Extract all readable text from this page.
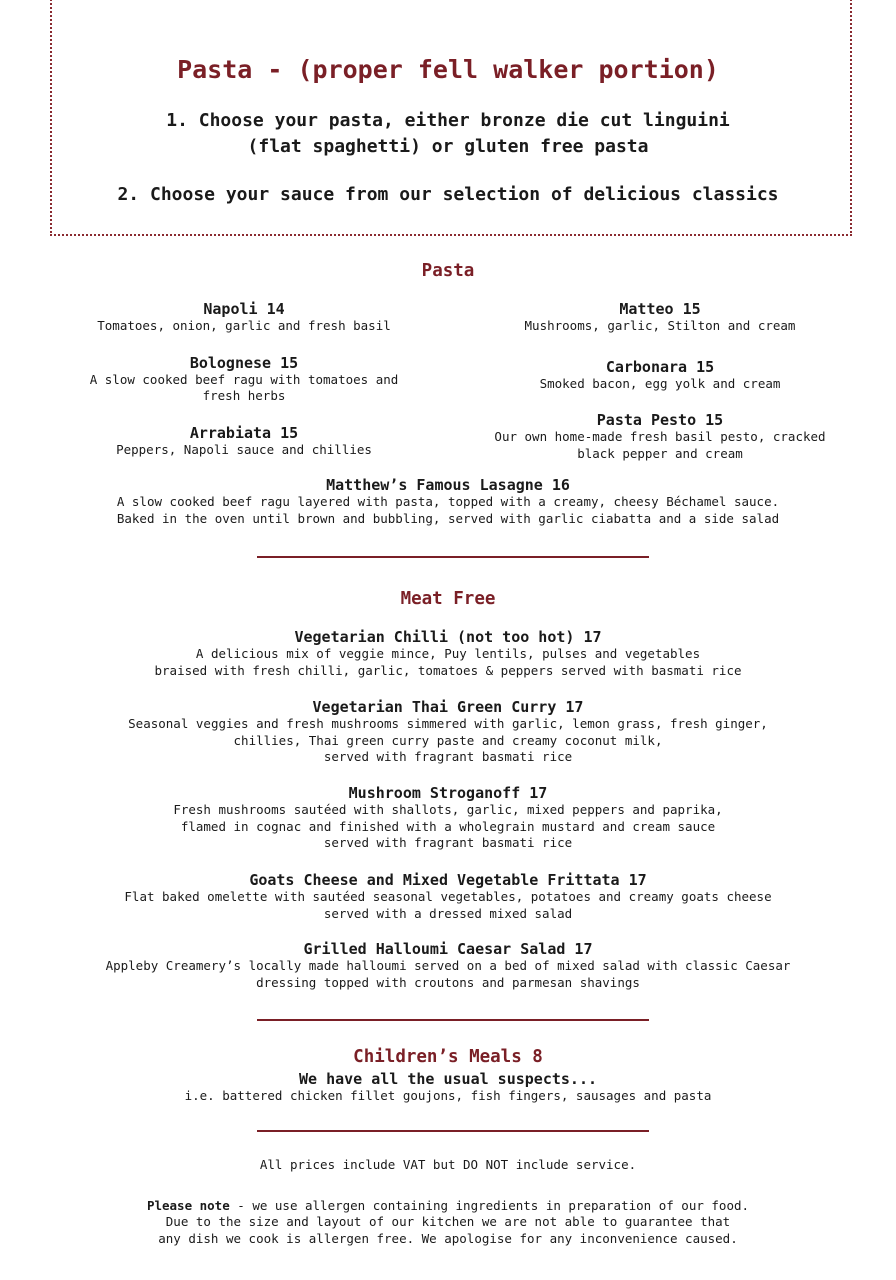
Pasta - (proper fell walker portion)
1. Choose your pasta, either bronze die cut linguini
(flat spaghetti) or gluten free pasta
2. Choose your sauce from our selection of delicious classics
Pasta
Napoli 14
Tomatoes, onion, garlic and fresh basil
Bolognese 15
A slow cooked beef ragu with tomatoes and
fresh herbs
Arrabiata 15
Peppers, Napoli sauce and chillies
Matteo 15
Mushrooms, garlic, Stilton and cream
Carbonara 15
Smoked bacon, egg yolk and cream
Pasta Pesto 15
Our own home-made fresh basil pesto, cracked
black pepper and cream
Matthew’s Famous Lasagne 16
A slow cooked beef ragu layered with pasta, topped with a creamy, cheesy Béchamel sauce.
Baked in the oven until brown and bubbling, served with garlic ciabatta and a side salad
Meat Free
Vegetarian Chilli (not too hot) 17
A delicious mix of veggie mince, Puy lentils, pulses and vegetables
braised with fresh chilli, garlic, tomatoes & peppers served with basmati rice
Vegetarian Thai Green Curry 17
Seasonal veggies and fresh mushrooms simmered with garlic, lemon grass, fresh ginger,
chillies, Thai green curry paste and creamy coconut milk,
served with fragrant basmati rice
Mushroom Stroganoff 17
Fresh mushrooms sautéed with shallots, garlic, mixed peppers and paprika,
flamed in cognac and finished with a wholegrain mustard and cream sauce
served with fragrant basmati rice
Goats Cheese and Mixed Vegetable Frittata 17
Flat baked omelette with sautéed seasonal vegetables, potatoes and creamy goats cheese
served with a dressed mixed salad
Grilled Halloumi Caesar Salad 17
Appleby Creamery’s locally made halloumi served on a bed of mixed salad with classic Caesar
dressing topped with croutons and parmesan shavings
Children’s Meals 8
We have all the usual suspects...
i.e. battered chicken fillet goujons, fish fingers, sausages and pasta
All prices include VAT but DO NOT include service.
Please note - we use allergen containing ingredients in preparation of our food.
Due to the size and layout of our kitchen we are not able to guarantee that
any dish we cook is allergen free. We apologise for any inconvenience caused.
